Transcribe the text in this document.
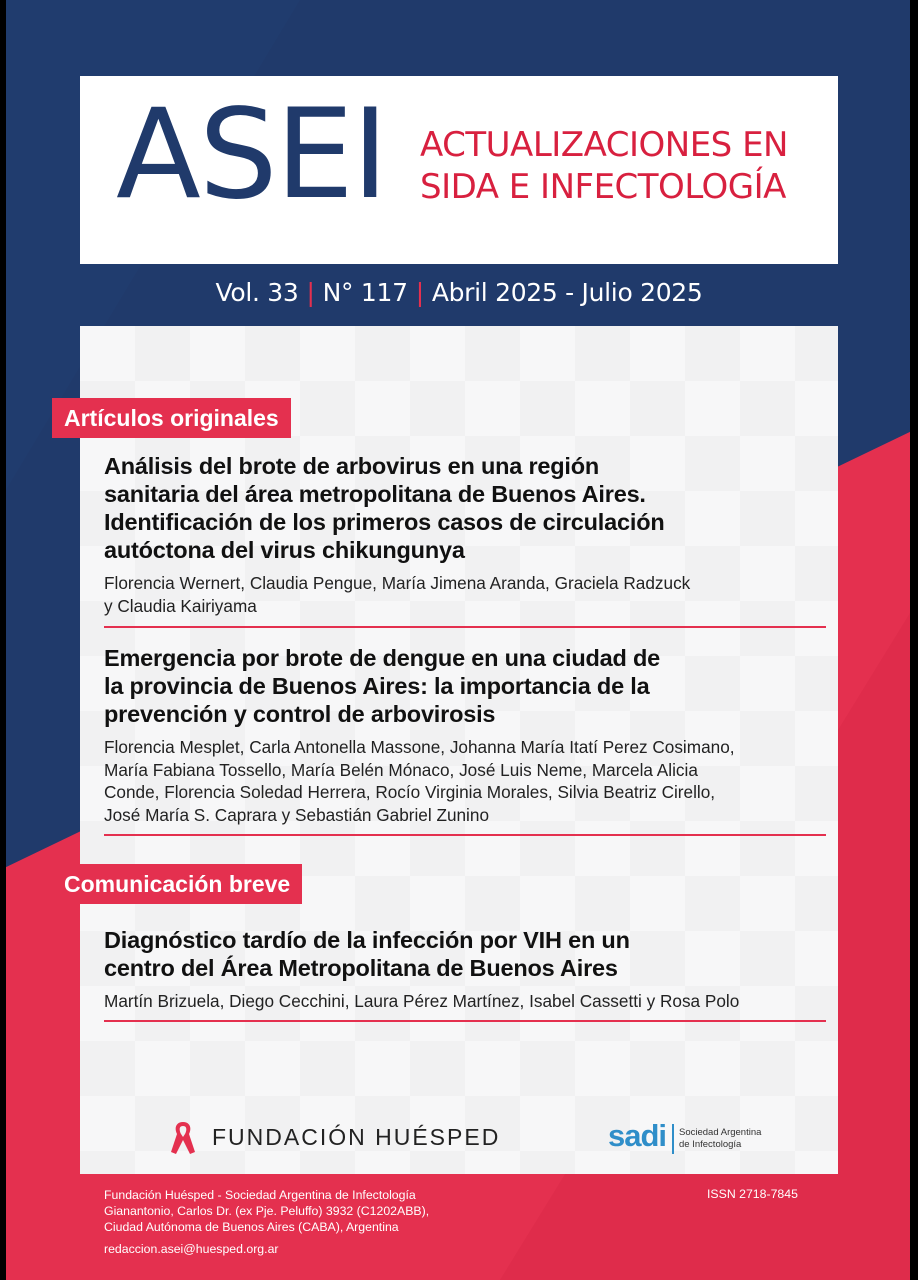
ASEI ACTUALIZACIONES EN
SIDA E INFECTOLOGÍA
Vol. 33 | N° 117 | Abril 2025 - Julio 2025
Artículos originales
Análisis del brote de arbovirus en una región
sanitaria del área metropolitana de Buenos Aires.
Identificación de los primeros casos de circulación
autóctona del virus chikungunya
Florencia Wernert, Claudia Pengue, María Jimena Aranda, Graciela Radzuck
y Claudia Kairiyama
Emergencia por brote de dengue en una ciudad de
la provincia de Buenos Aires: la importancia de la
prevención y control de arbovirosis
Florencia Mesplet, Carla Antonella Massone, Johanna María Itatí Perez Cosimano,
María Fabiana Tossello, María Belén Mónaco, José Luis Neme, Marcela Alicia
Conde, Florencia Soledad Herrera, Rocío Virginia Morales, Silvia Beatriz Cirello,
José María S. Caprara y Sebastián Gabriel Zunino
Comunicación breve
Diagnóstico tardío de la infección por VIH en un
centro del Área Metropolitana de Buenos Aires
Martín Brizuela, Diego Cecchini, Laura Pérez Martínez, Isabel Cassetti y Rosa Polo
FUNDACIÓN HUÉSPED	sadi Sociedad Argentina
de Infectología
Fundación Huésped - Sociedad Argentina de Infectología
Gianantonio, Carlos Dr. (ex Pje. Peluffo) 3932 (C1202ABB),
Ciudad Autónoma de Buenos Aires (CABA), Argentina
redaccion.asei@huesped.org.ar
ISSN 2718-7845
